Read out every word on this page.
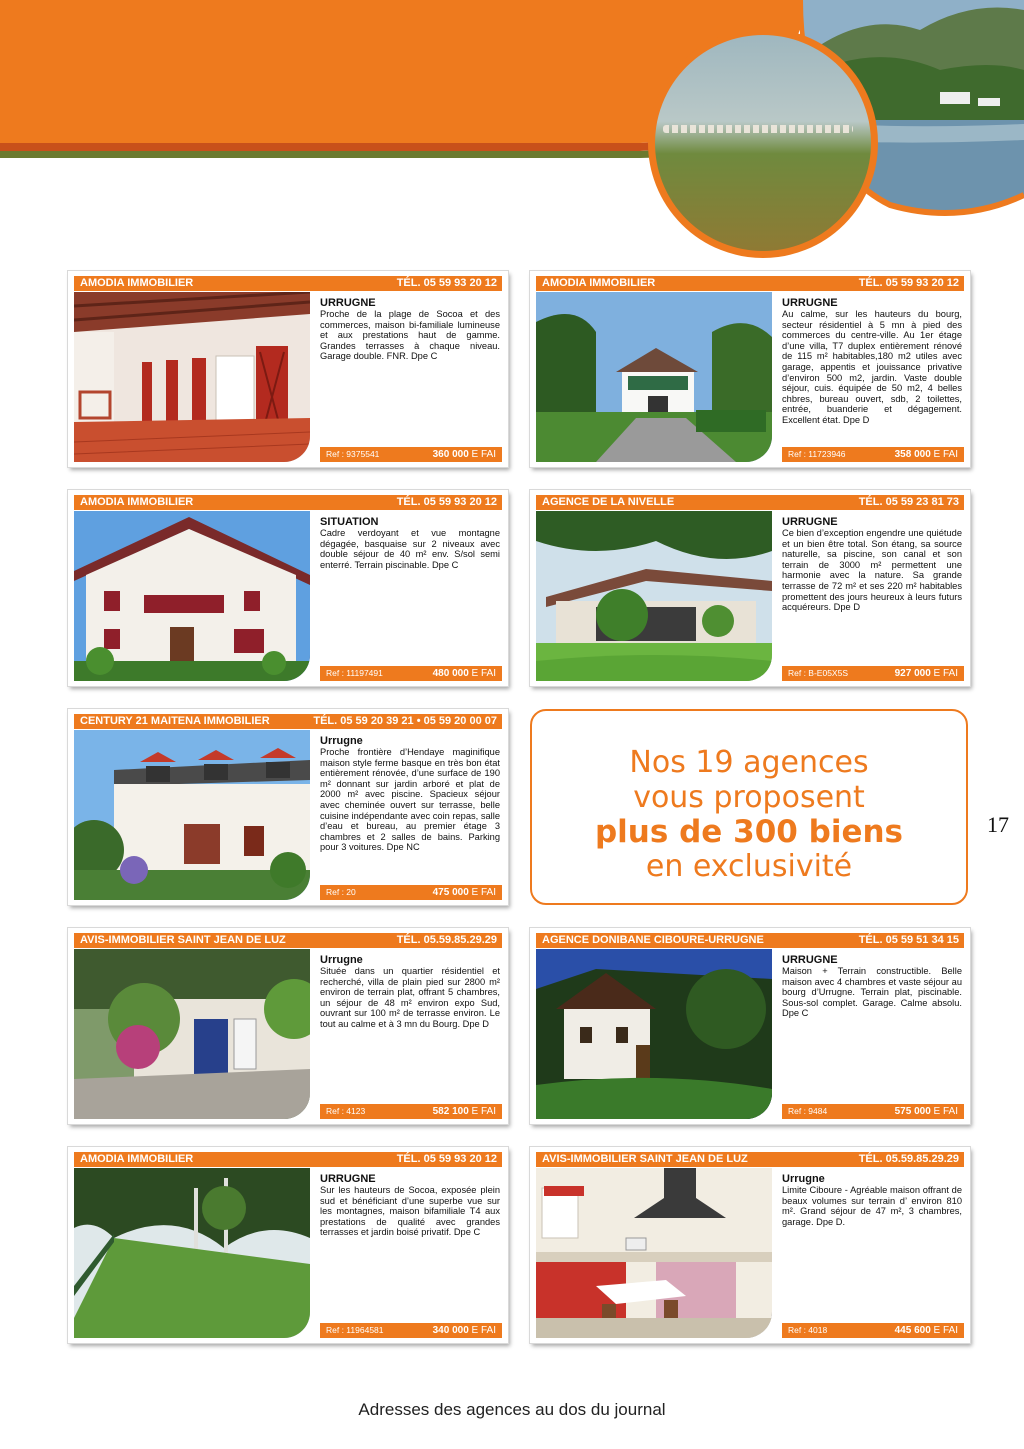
AMODIA IMMOBILIER	TÉL. 05 59 93 20 12
URRUGNE
Proche de la plage de Socoa et des commerces, maison bi-familiale lumineuse et aux prestations haut de gamme. Grandes terrasses à chaque niveau. Garage double. FNR. Dpe C
Ref : 9375541	360 000 E FAI
AMODIA IMMOBILIER	TÉL. 05 59 93 20 12
URRUGNE
Au calme, sur les hauteurs du bourg, secteur résidentiel à 5 mn à pied des commerces du centre-ville. Au 1er étage d’une villa, T7 duplex entièrement rénové de 115 m² habitables,180 m2 utiles avec garage, appentis et jouissance privative d’environ 500 m2, jardin. Vaste double séjour, cuis. équipée de 50 m2, 4 belles chbres, bureau ouvert, sdb, 2 toilettes, entrée, buanderie et dégagement. Excellent état. Dpe D
Ref : 11723946	358 000 E FAI
AMODIA IMMOBILIER	TÉL. 05 59 93 20 12
SITUATION
Cadre verdoyant et vue montagne dégagée, basquaise sur 2 niveaux avec double séjour de 40 m² env. S/sol semi enterré. Terrain piscinable. Dpe C
Ref : 11197491	480 000 E FAI
AGENCE DE LA NIVELLE	TÉL. 05 59 23 81 73
URRUGNE
Ce bien d’exception engendre une quiétude et un bien être total. Son étang, sa source naturelle, sa piscine, son canal et son terrain de 3000 m² permettent une harmonie avec la nature. Sa grande terrasse de 72 m² et ses 220 m² habitables promettent des jours heureux à leurs futurs acquéreurs. Dpe D
Ref : B-E05X5S	927 000 E FAI
CENTURY 21 MAITENA IMMOBILIER	TÉL. 05 59 20 39 21 • 05 59 20 00 07
Urrugne
Proche frontière d’Hendaye maginifique maison style ferme basque en très bon état entièrement rénovée, d’une surface de 190 m² donnant sur jardin arboré et plat de 2000 m² avec piscine. Spacieux séjour avec cheminée ouvert sur terrasse, belle cuisine indépendante avec coin repas, salle d’eau et bureau, au premier étage 3 chambres et 2 salles de bains. Parking pour 3 voitures. Dpe NC
Ref : 20	475 000 E FAI
Nos 19 agences
vous proposent
plus de 300 biens
en exclusivité
AVIS-IMMOBILIER SAINT JEAN DE LUZ	TÉL. 05.59.85.29.29
Urrugne
Située dans un quartier résidentiel et recherché, villa de plain pied sur 2800 m² environ de terrain plat, offrant 5 chambres, un séjour de 48 m² environ expo Sud, ouvrant sur 100 m² de terrasse environ. Le tout au calme et à 3 mn du Bourg. Dpe D
Ref : 4123	582 100 E FAI
AGENCE DONIBANE CIBOURE-URRUGNE	TÉL. 05 59 51 34 15
URRUGNE
Maison + Terrain constructible. Belle maison avec 4 chambres et vaste séjour au bourg d’Urrugne. Terrain plat, piscinable. Sous-sol complet. Garage. Calme absolu. Dpe C
Ref : 9484	575 000 E FAI
AMODIA IMMOBILIER	TÉL. 05 59 93 20 12
URRUGNE
Sur les hauteurs de Socoa, exposée plein sud et bénéficiant d’une superbe vue sur les montagnes, maison bifamiliale T4 aux prestations de qualité avec grandes terrasses et jardin boisé privatif. Dpe C
Ref : 11964581	340 000 E FAI
AVIS-IMMOBILIER SAINT JEAN DE LUZ	TÉL. 05.59.85.29.29
Urrugne
Limite Ciboure - Agréable maison offrant de beaux volumes sur terrain d’ environ 810 m². Grand séjour de 47 m², 3 chambres, garage. Dpe D.
Ref : 4018	445 600 E FAI
17
Adresses des agences au dos du journal
